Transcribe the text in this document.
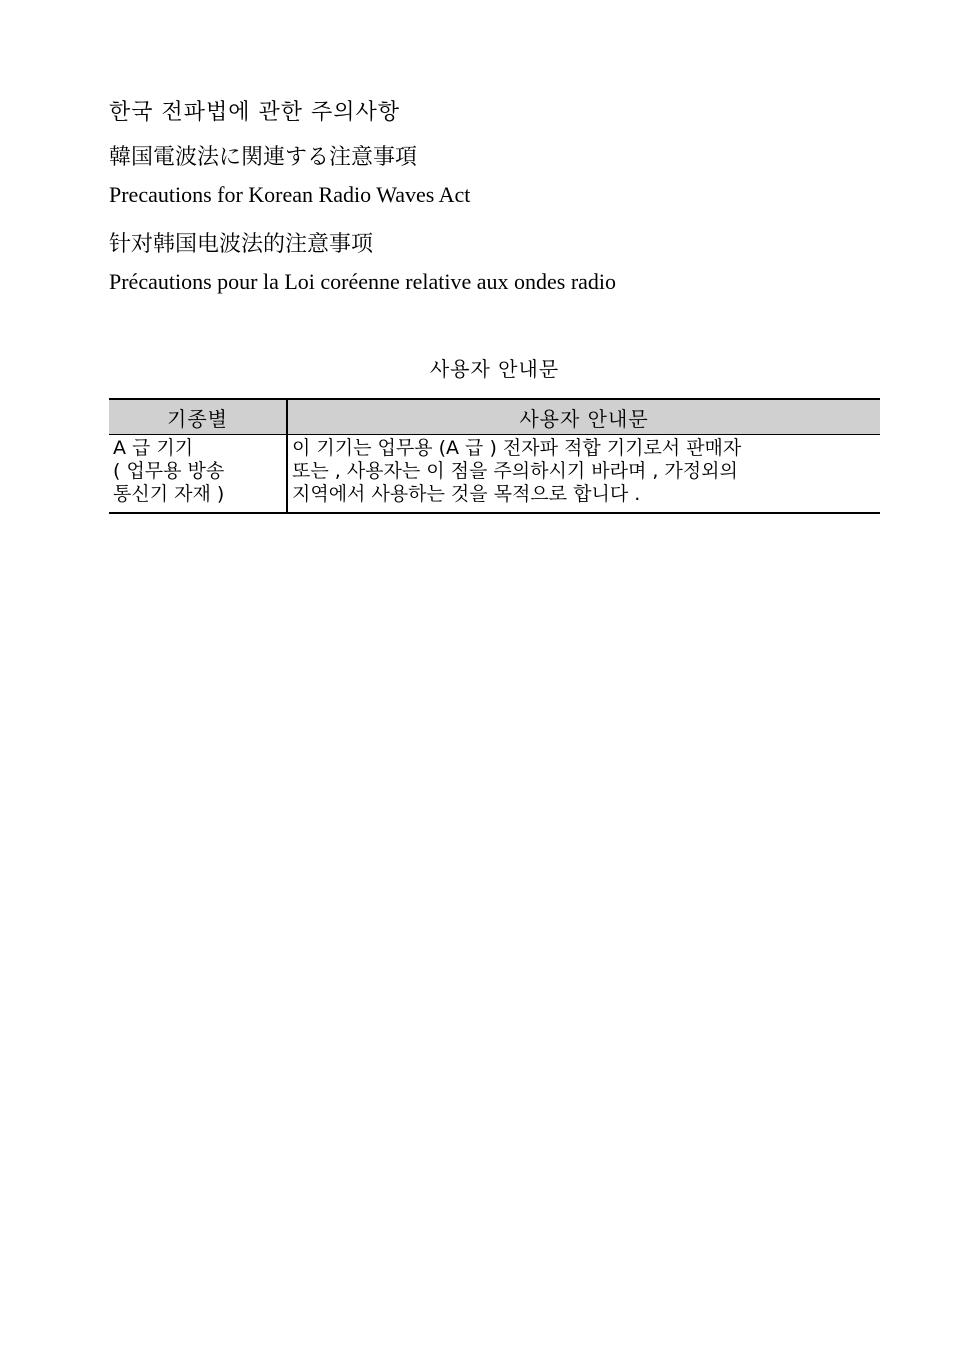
한국 전파법에 관한 주의사항

韓国電波法に関連する注意事項

Precautions for Korean Radio Waves Act

针对韩国电波法的注意事项

Précautions pour la Loi coréenne relative aux ondes radio

사용자 안내문

기종별	사용자 안내문

A 급 기기
( 업무용 방송
통신기 자재 )	이 기기는 업무용 (A 급 ) 전자파 적합 기기로서 판매자
또는 , 사용자는 이 점을 주의하시기 바라며 , 가정외의
지역에서 사용하는 것을 목적으로 합니다 .
